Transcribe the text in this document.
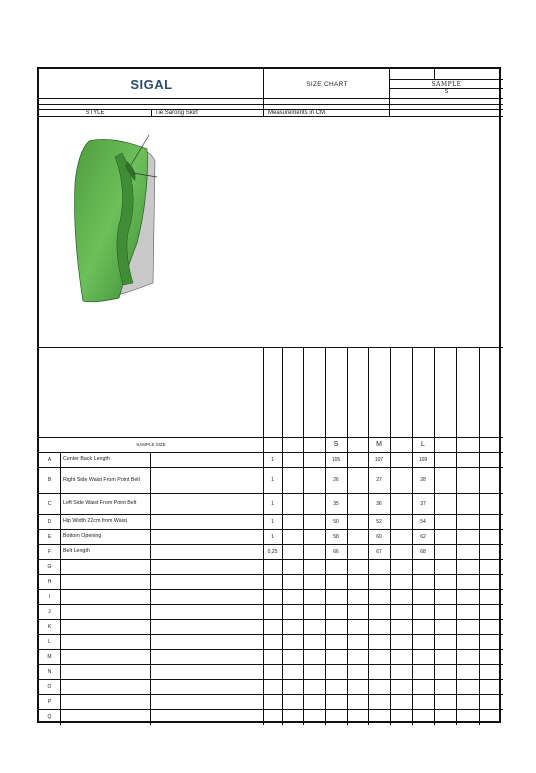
SIGAL	SIZE CHART	SAMPLE
S
STYLE	Tie Sarong Skirt	Measurements in CM
SAMPLE SIZE	S	M	L
A	Center Back Length	1	105	107	109
B	Right Side Waist From Point Belt	1	26	27	28
C	Left Side Waist From Point Belt	1	35	36	37
D	Hip Width 22cm from Waist	1	50	52	54
E	Bottom Opening	1	58	60	62
F	Belt Length	0,25	66	67	68
G
H
I
J
K
L
M
N
O
P
Q
